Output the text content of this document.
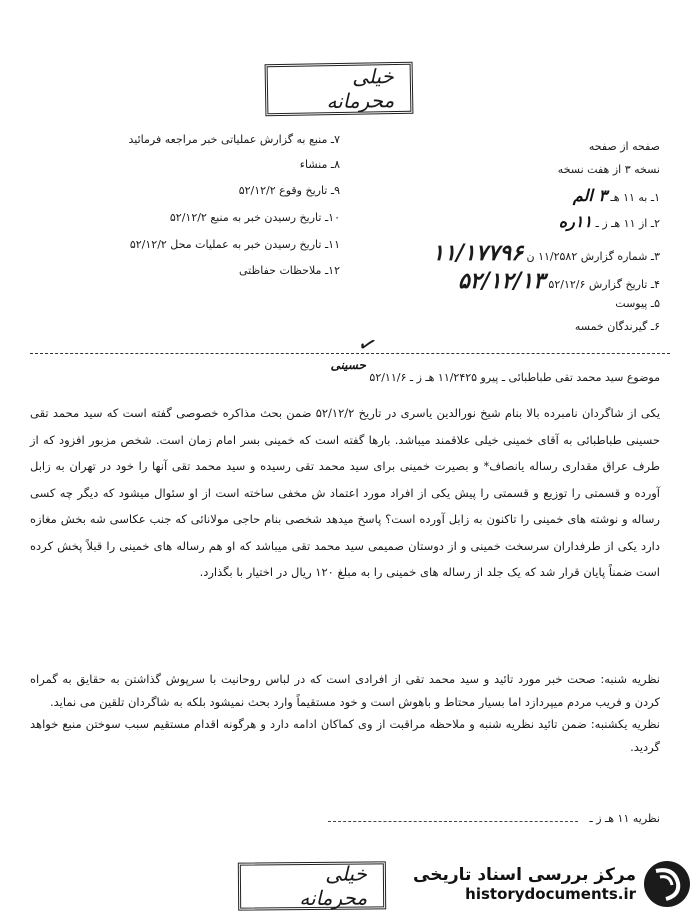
خیلی محرمانه
صفحه از صفحه
نسخه ۳ از هفت نسخه
۱ـ به ۱۱ هـ ۳ الم
۲ـ از ۱۱ هـ ز ـ ۱۱ره
۳ـ شماره گزارش ۱۱/۲۵۸۲ ن ۱۱/۱۷۷۹۶
۴ـ تاریخ گزارش ۵۲/۱۲/۶ ۵۲/۱۲/۱۳
۵ـ پیوست
۶ـ گیرندگان خمسه
۷ـ منبع به گزارش عملیاتی خبر مراجعه فرمائید
۸ـ منشاء
۹ـ تاریخ وقوع ۵۲/۱۲/۲
۱۰ـ تاریخ رسیدن خبر به منبع ۵۲/۱۲/۲
۱۱ـ تاریخ رسیدن خبر به عملیات محل ۵۲/۱۲/۲
۱۲ـ ملاحظات حفاظتی
✓
موضوع سید محمد تقی طباطبائی ـ پیرو ۱۱/۲۴۲۵ هـ ز ـ ۵۲/۱۱/۶ حسینی
یکی از شاگردان نامبرده بالا بنام شیخ نورالدین یاسری در تاریخ ۵۲/۱۲/۲ ضمن بحث مذاکره خصوصی گفته است که سید محمد تقی حسینی طباطبائی به آقای خمینی خیلی علاقمند میباشد. بارها گفته است که خمینی بسر امام زمان است. شخص مزبور افزود که از طرف عراق مقداری رساله یانصاف* و بصیرت خمینی برای سید محمد تقی رسیده و سید محمد تقی آنها را خود در تهران به زابل آورده و قسمتی را توزیع و قسمتی را پیش یکی از افراد مورد اعتماد ش مخفی ساخته است از او سئوال میشود که دیگر چه کسی رساله و نوشته های خمینی را تاکنون به زابل آورده است؟ پاسخ میدهد شخصی بنام حاجی مولانائی که جنب عکاسی شه بخش مغازه دارد یکی از طرفداران سرسخت خمینی و از دوستان صمیمی سید محمد تقی میباشد که او هم رساله های خمینی را قبلاً پخش کرده است ضمناً پایان قرار شد که یک جلد از رساله های خمینی را به مبلغ ۱۲۰ ریال در اختیار با بگذارد.

نظریه شنبه: صحت خبر مورد تائید و سید محمد تقی از افرادی است که در لباس روحانیت با سرپوش گذاشتن به حقایق به گمراه کردن و فریب مردم میپردازد اما بسیار محتاط و باهوش است و خود مستقیماً وارد بحث نمیشود بلکه به شاگردان تلقین می نماید.

نظریه یکشنبه: ضمن تائید نظریه شنبه و ملاحظه مراقبت از وی کماکان ادامه دارد و هرگونه اقدام مستقیم سبب سوختن منبع خواهد گردید.

نظریه ۱۱ هـ ز ـ
خیلی محرمانه
مرکز بررسی اسناد تاریخی
historydocuments.ir
